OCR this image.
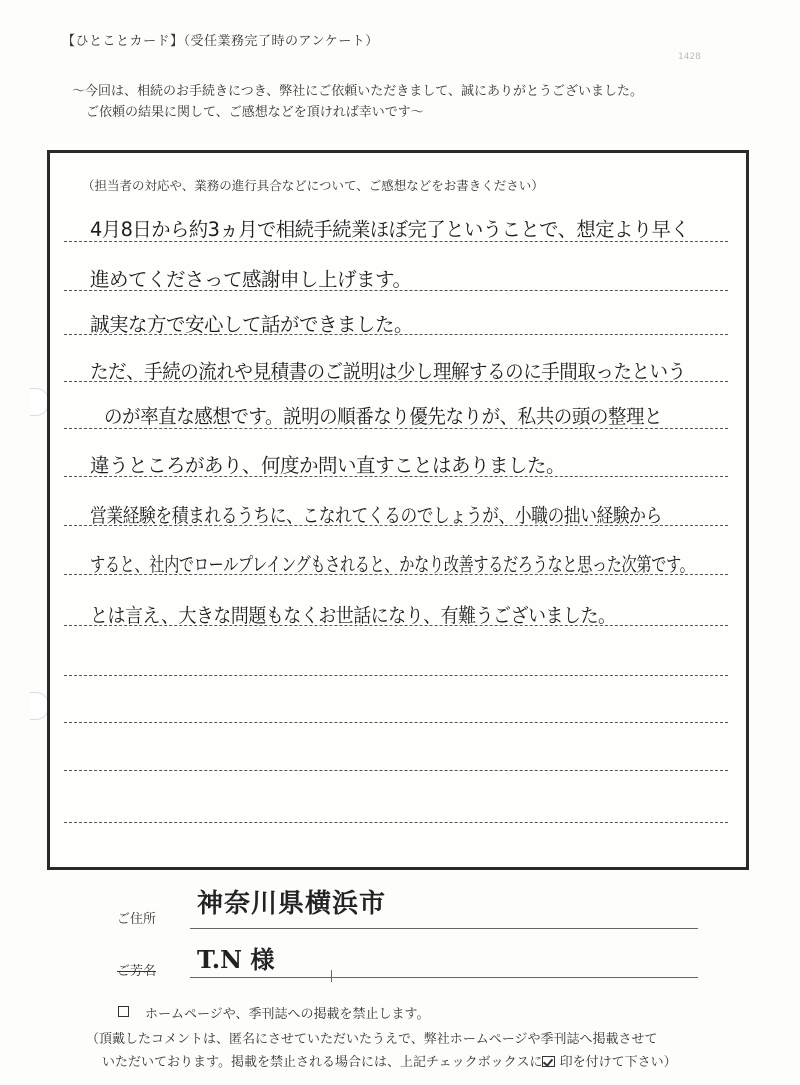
【ひとことカード】（受任業務完了時のアンケート）
1428
～今回は、相続のお手続きにつき、弊社にご依頼いただきまして、誠にありがとうございました。
ご依頼の結果に関して、ご感想などを頂ければ幸いです～
（担当者の対応や、業務の進行具合などについて、ご感想などをお書きください）
4月8日から約3ヵ月で相続手続業ほぼ完了ということで、想定より早く
進めてくださって感謝申し上げます。
誠実な方で安心して話ができました。
ただ、手続の流れや見積書のご説明は少し理解するのに手間取ったという
のが率直な感想です。説明の順番なり優先なりが、私共の頭の整理と
違うところがあり、何度か問い直すことはありました。
営業経験を積まれるうちに、こなれてくるのでしょうが、小職の拙い経験から
すると、社内でロールプレイングもされると、かなり改善するだろうなと思った次第です。
とは言え、大きな問題もなくお世話になり、有難うございました。
ご住所
神奈川県横浜市
ご芳名 T.N 様
ホームページや、季刊誌への掲載を禁止します。
（頂戴したコメントは、匿名にさせていただいたうえで、弊社ホームページや季刊誌へ掲載させて
いただいております。掲載を禁止される場合には、上記チェックボックスに 印を付けて下さい）
